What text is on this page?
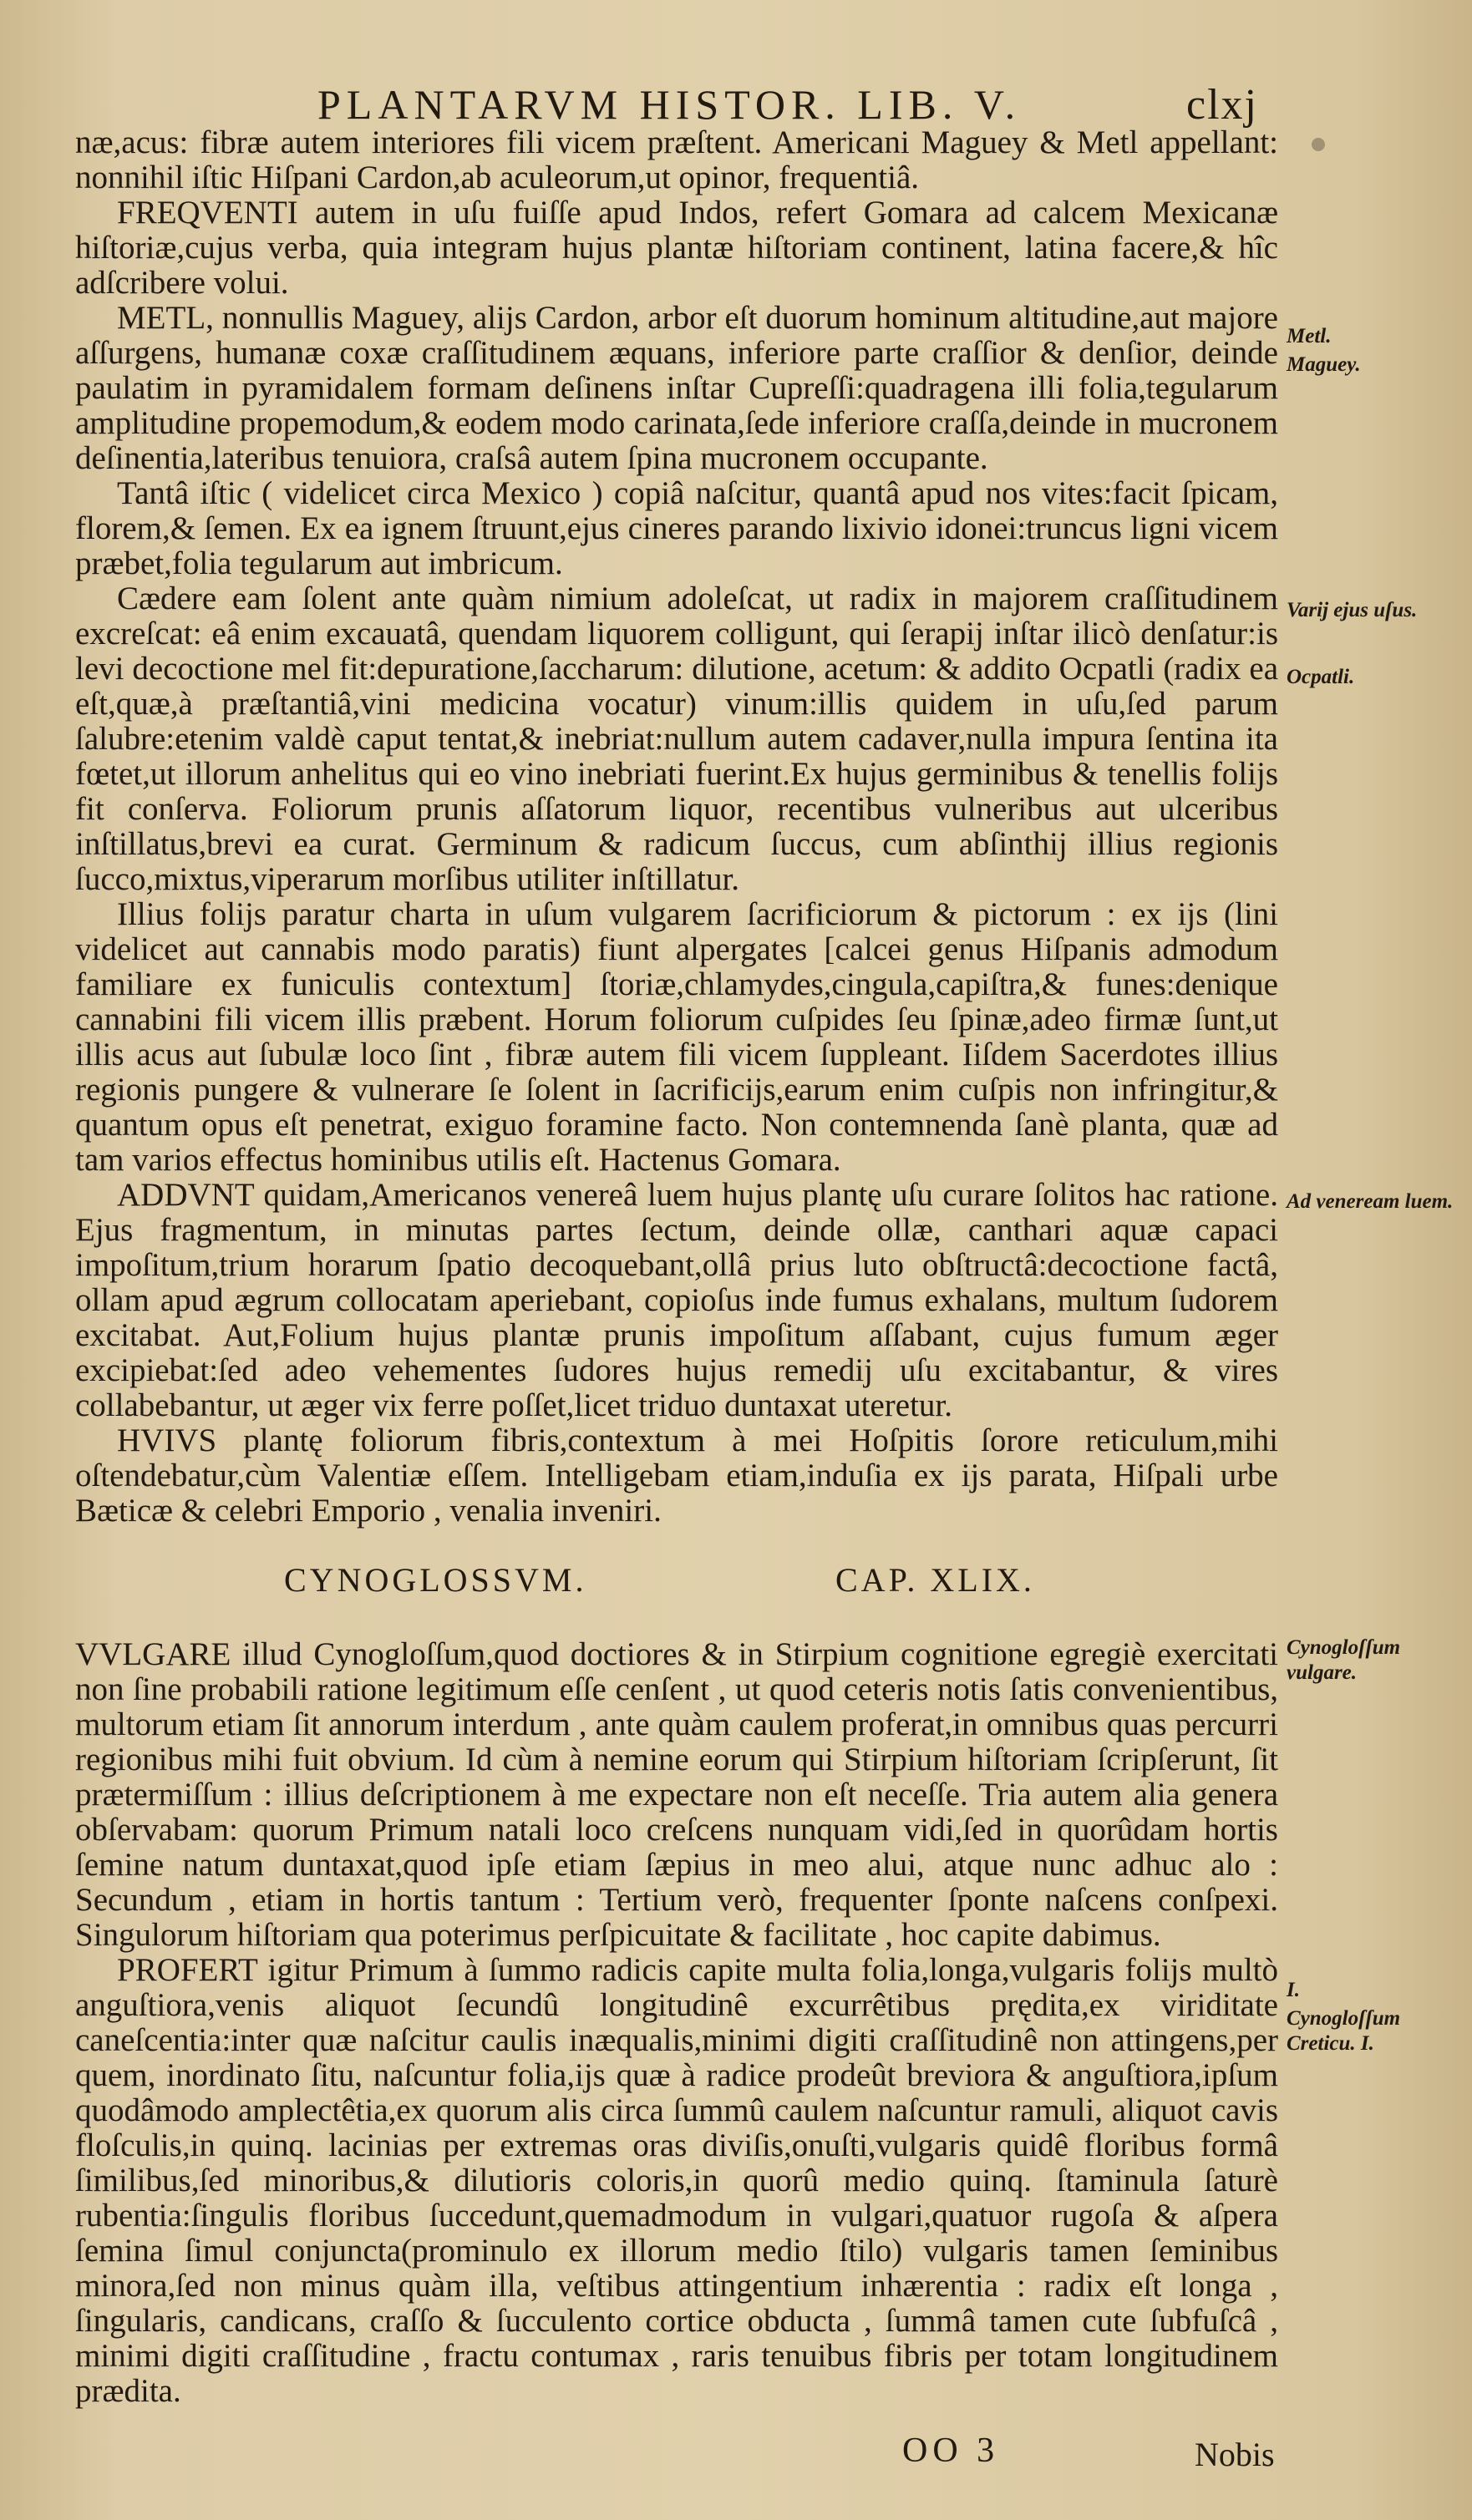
PLANTARVM HISTOR. LIB. V.	clxj

næ,acus: fibræ autem interiores fili vicem præſtent. Americani Maguey & Metl appellant: nonnihil iſtic Hiſpani Cardon,ab aculeorum,ut opinor, frequentiâ.

FREQVENTI autem in uſu fuiſſe apud Indos, refert Gomara ad calcem Mexicanæ hiſtoriæ,cujus verba, quia integram hujus plantæ hiſtoriam continent, latina facere,& hîc adſcribere volui.

METL, nonnullis Maguey, alijs Cardon, arbor eſt duorum hominum altitudine,aut majore aſſurgens, humanæ coxæ craſſitudinem æquans, inferiore parte craſſior & denſior, deinde paulatim in pyramidalem formam deſinens inſtar Cupreſſi:quadragena illi folia,tegularum amplitudine propemodum,& eodem modo carinata,ſede inferiore craſſa,deinde in mucronem deſinentia,lateribus tenuiora, craſsâ autem ſpina mucronem occupante.

Tantâ iſtic ( videlicet circa Mexico ) copiâ naſcitur, quantâ apud nos vites:facit ſpicam, florem,& ſemen. Ex ea ignem ſtruunt,ejus cineres parando lixivio idonei:truncus ligni vicem præbet,folia tegularum aut imbricum.

Cædere eam ſolent ante quàm nimium adoleſcat, ut radix in majorem craſſitudinem excreſcat: eâ enim excauatâ, quendam liquorem colligunt, qui ſerapij inſtar ilicò denſatur:is levi decoctione mel fit:depuratione,ſaccharum: dilutione, acetum: & addito Ocpatli (radix ea eſt,quæ,à præſtantiâ,vini medicina vocatur) vinum:illis quidem in uſu,ſed parum ſalubre:etenim valdè caput tentat,& inebriat:nullum autem cadaver,nulla impura ſentina ita fœtet,ut illorum anhelitus qui eo vino inebriati fuerint.Ex hujus germinibus & tenellis folijs fit conſerva. Foliorum prunis aſſatorum liquor, recentibus vulneribus aut ulceribus inſtillatus,brevi ea curat. Germinum & radicum ſuccus, cum abſinthij illius regionis ſucco,mixtus,viperarum morſibus utiliter inſtillatur.

Illius folijs paratur charta in uſum vulgarem ſacrificiorum & pictorum : ex ijs (lini videlicet aut cannabis modo paratis) fiunt alpergates [calcei genus Hiſpanis admodum familiare ex funiculis contextum] ſtoriæ,chlamydes,cingula,capiſtra,& funes:denique cannabini fili vicem illis præbent. Horum foliorum cuſpides ſeu ſpinæ,adeo firmæ ſunt,ut illis acus aut ſubulæ loco ſint , fibræ autem fili vicem ſuppleant. Iiſdem Sacerdotes illius regionis pungere & vulnerare ſe ſolent in ſacrificijs,earum enim cuſpis non infringitur,& quantum opus eſt penetrat, exiguo foramine facto. Non contemnenda ſanè planta, quæ ad tam varios effectus hominibus utilis eſt. Hactenus Gomara.

ADDVNT quidam,Americanos venereâ luem hujus plantę uſu curare ſolitos hac ratione. Ejus fragmentum, in minutas partes ſectum, deinde ollæ, canthari aquæ capaci impoſitum,trium horarum ſpatio decoquebant,ollâ prius luto obſtructâ:decoctione factâ, ollam apud ægrum collocatam aperiebant, copioſus inde fumus exhalans, multum ſudorem excitabat. Aut,Folium hujus plantæ prunis impoſitum aſſabant, cujus fumum æger excipiebat:ſed adeo vehementes ſudores hujus remedij uſu excitabantur, & vires collabebantur, ut æger vix ferre poſſet,licet triduo duntaxat uteretur.

HVIVS plantę foliorum fibris,contextum à mei Hoſpitis ſorore reticulum,mihi oſtendebatur,cùm Valentiæ eſſem. Intelligebam etiam,induſia ex ijs parata, Hiſpali urbe Bæticæ & celebri Emporio , venalia inveniri.

CYNOGLOSSVM.	CAP. XLIX.

VVLGARE illud Cynogloſſum,quod doctiores & in Stirpium cognitione egregiè exercitati non ſine probabili ratione legitimum eſſe cenſent , ut quod ceteris notis ſatis convenientibus, multorum etiam ſit annorum interdum , ante quàm caulem proferat,in omnibus quas percurri regionibus mihi fuit obvium. Id cùm à nemine eorum qui Stirpium hiſtoriam ſcripſerunt, ſit prætermiſſum : illius deſcriptionem à me expectare non eſt neceſſe. Tria autem alia genera obſervabam: quorum Primum natali loco creſcens nunquam vidi,ſed in quorûdam hortis ſemine natum duntaxat,quod ipſe etiam ſæpius in meo alui, atque nunc adhuc alo : Secundum , etiam in hortis tantum : Tertium verò, frequenter ſponte naſcens conſpexi. Singulorum hiſtoriam qua poterimus perſpicuitate & facilitate , hoc capite dabimus.

PROFERT igitur Primum à ſummo radicis capite multa folia,longa,vulgaris folijs multò anguſtiora,venis aliquot ſecundû longitudinê excurrêtibus prędita,ex viriditate caneſcentia:inter quæ naſcitur caulis inæqualis,minimi digiti craſſitudinê non attingens,per quem, inordinato ſitu, naſcuntur folia,ijs quæ à radice prodeût breviora & anguſtiora,ipſum quodâmodo amplectêtia,ex quorum alis circa ſummû caulem naſcuntur ramuli, aliquot cavis floſculis,in quinq. lacinias per extremas oras diviſis,onuſti,vulgaris quidê floribus formâ ſimilibus,ſed minoribus,& dilutioris coloris,in quorû medio quinq. ſtaminula ſaturè rubentia:ſingulis floribus ſuccedunt,quemadmodum in vulgari,quatuor rugoſa & aſpera ſemina ſimul conjuncta(prominulo ex illorum medio ſtilo) vulgaris tamen ſeminibus minora,ſed non minus quàm illa, veſtibus attingentium inhærentia : radix eſt longa , ſingularis, candicans, craſſo & ſucculento cortice obducta , ſummâ tamen cute ſubfuſcâ , minimi digiti craſſitudine , fractu contumax , raris tenuibus fibris per totam longitudinem prædita.

Metl.
Maguey.
Varij ejus uſus.
Ocpatli.
Ad veneream luem.
Cynogloſſum vulgare.
I.
Cynogloſſum Creticu. I.
OO 3	Nobis
